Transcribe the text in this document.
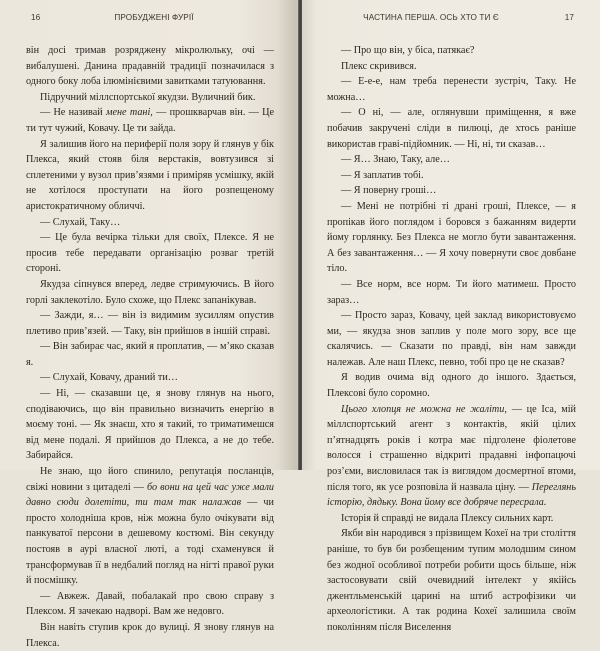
16	ПРОБУДЖЕНІ ФУРІЇ

він досі тримав розряджену мікролюльку, очі — вибалушені. Данина прадавній традиції позначилася з одного боку лоба ілюмінієвими завитками татуювання.

Підручний міллспортської якудзи. Вуличний бик.

— Не називай мене тані, — прошкварчав він. — Це ти тут чужий, Ковачу. Це ти зайда.

Я залишив його на периферії поля зору й глянув у бік Плекса, який стояв біля верстаків, вовтузився зі сплетеними у вузол прив’язями і приміряв усмішку, якій не хотілося проступати на його розпещеному аристократичному обличчі.

— Слухай, Таку…

— Це була вечірка тільки для своїх, Плексе. Я не просив тебе передавати організацію розваг третій стороні.

Якудза сіпнувся вперед, ледве стримуючись. В його горлі заклекотіло. Було схоже, що Плекс запанікував.

— Зажди, я… — він із видимим зусиллям опустив плетиво прив’язей. — Таку, він прийшов в іншій справі.

— Він забирає час, який я проплатив, — м’яко сказав я.

— Слухай, Ковачу, драний ти…

— Ні, — сказавши це, я знову глянув на нього, сподіваючись, що він правильно визначить енергію в моєму тоні. — Як знаєш, хто я такий, то триматимешся від мене подалі. Я прийшов до Плекса, а не до тебе. Забирайся.

Не знаю, що його спинило, репутація посланців, свіжі новини з цитаделі — бо вони на цей час уже мали давно сюди долетіти, ти там так налажав — чи просто холодніша кров, ніж можна було очікувати від панкуватої персони в дешевому костюмі. Він секунду постояв в аурі власної люті, а тоді схаменувся й трансформував її в недбалий погляд на нігті правої руки й посмішку.

— Авжеж. Давай, побалакай про свою справу з Плексом. Я зачекаю надворі. Вам же недовго.

Він навіть ступив крок до вулиці. Я знову глянув на Плекса.

ЧАСТИНА ПЕРША. ОСЬ ХТО ТИ Є	17

— Про що він, у біса, патякає?

Плекс скривився.

— Е-е-е, нам треба перенести зустріч, Таку. Не можна…

— О ні, — але, оглянувши приміщення, я вже побачив закручені сліди в пилюці, де хтось раніше використав граві-підйомник. — Ні, ні, ти сказав…

— Я… Знаю, Таку, але…

— Я заплатив тобі.

— Я поверну гроші…

— Мені не потрібні ті драні гроші, Плексе, — я пропікав його поглядом і боровся з бажанням видерти йому горлянку. Без Плекса не могло бути завантаження. А без завантаження… — Я хочу повернути своє довбане тіло.

— Все норм, все норм. Ти його матимеш. Просто зараз…

— Просто зараз, Ковачу, цей заклад використовуємо ми, — якудза знов заплив у поле мого зору, все ще скалячись. — Сказати по правді, він нам завжди належав. Але наш Плекс, певно, тобі про це не сказав?

Я водив очима від одного до іншого. Здається, Плексові було соромно.

Цього хлопця не можна не жаліти, — це Іса, мій міллспортський агент з контактів, якій цілих п’ятнадцять років і котра має підголене фіолетове волосся і страшенно відкриті прадавні інфопацючі роз’єми, висловилася так із виглядом досмертної втоми, після того, як усе розповіла й назвала ціну. — Переглянь історію, дядьку. Вона йому все добряче пересрала.

Історія й справді не видала Плексу сильних карт.

Якби він народився з прізвищем Кохеї на три століття раніше, то був би розбещеним тупим молодшим сином без жодної особливої потреби робити щось більше, ніж застосовувати свій очевидний інтелект у якійсь джентльменській царині на штиб астрофізики чи археологістики. А так родина Кохеї залишила своїм поколінням після Виселення
